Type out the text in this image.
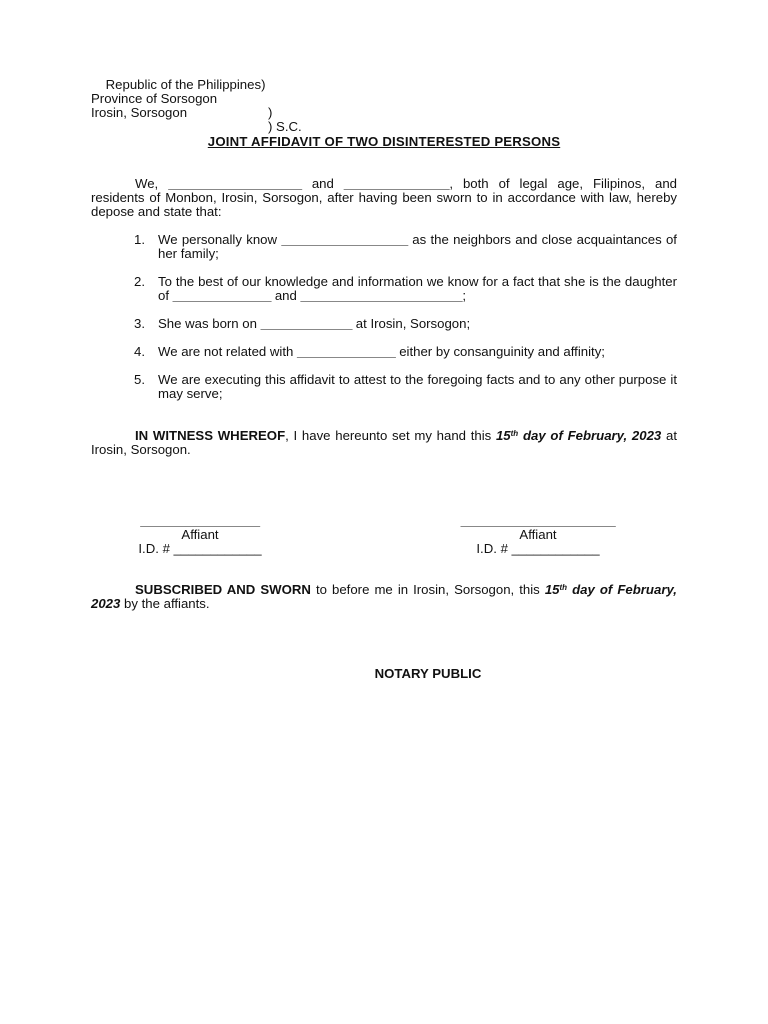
Republic of the Philippines)

Province of Sorsogon

)

Irosin, Sorsogon

) S.C.

JOINT AFFIDAVIT OF TWO DISINTERESTED PERSONS
We, ___________________ and _______________, both of legal age, Filipinos, and residents of Monbon, Irosin, Sorsogon, after having been sworn to in accordance with law, hereby depose and state that:
1. We personally know __________________ as the neighbors and close acquaintances of her family;
2. To the best of our knowledge and information we know for a fact that she is the daughter of ______________ and _______________________;
3. She was born on _____________ at Irosin, Sorsogon;
4. We are not related with ______________ either by consanguinity and affinity;
5. We are executing this affidavit to attest to the foregoing facts and to any other purpose it may serve;
IN WITNESS WHEREOF, I have hereunto set my hand this 15th day of February, 2023 at Irosin, Sorsogon.
_________________
Affiant
I.D. # ____________
______________________
Affiant
I.D. # ____________
SUBSCRIBED AND SWORN to before me in Irosin, Sorsogon, this 15th day of February, 2023 by the affiants.
NOTARY PUBLIC
